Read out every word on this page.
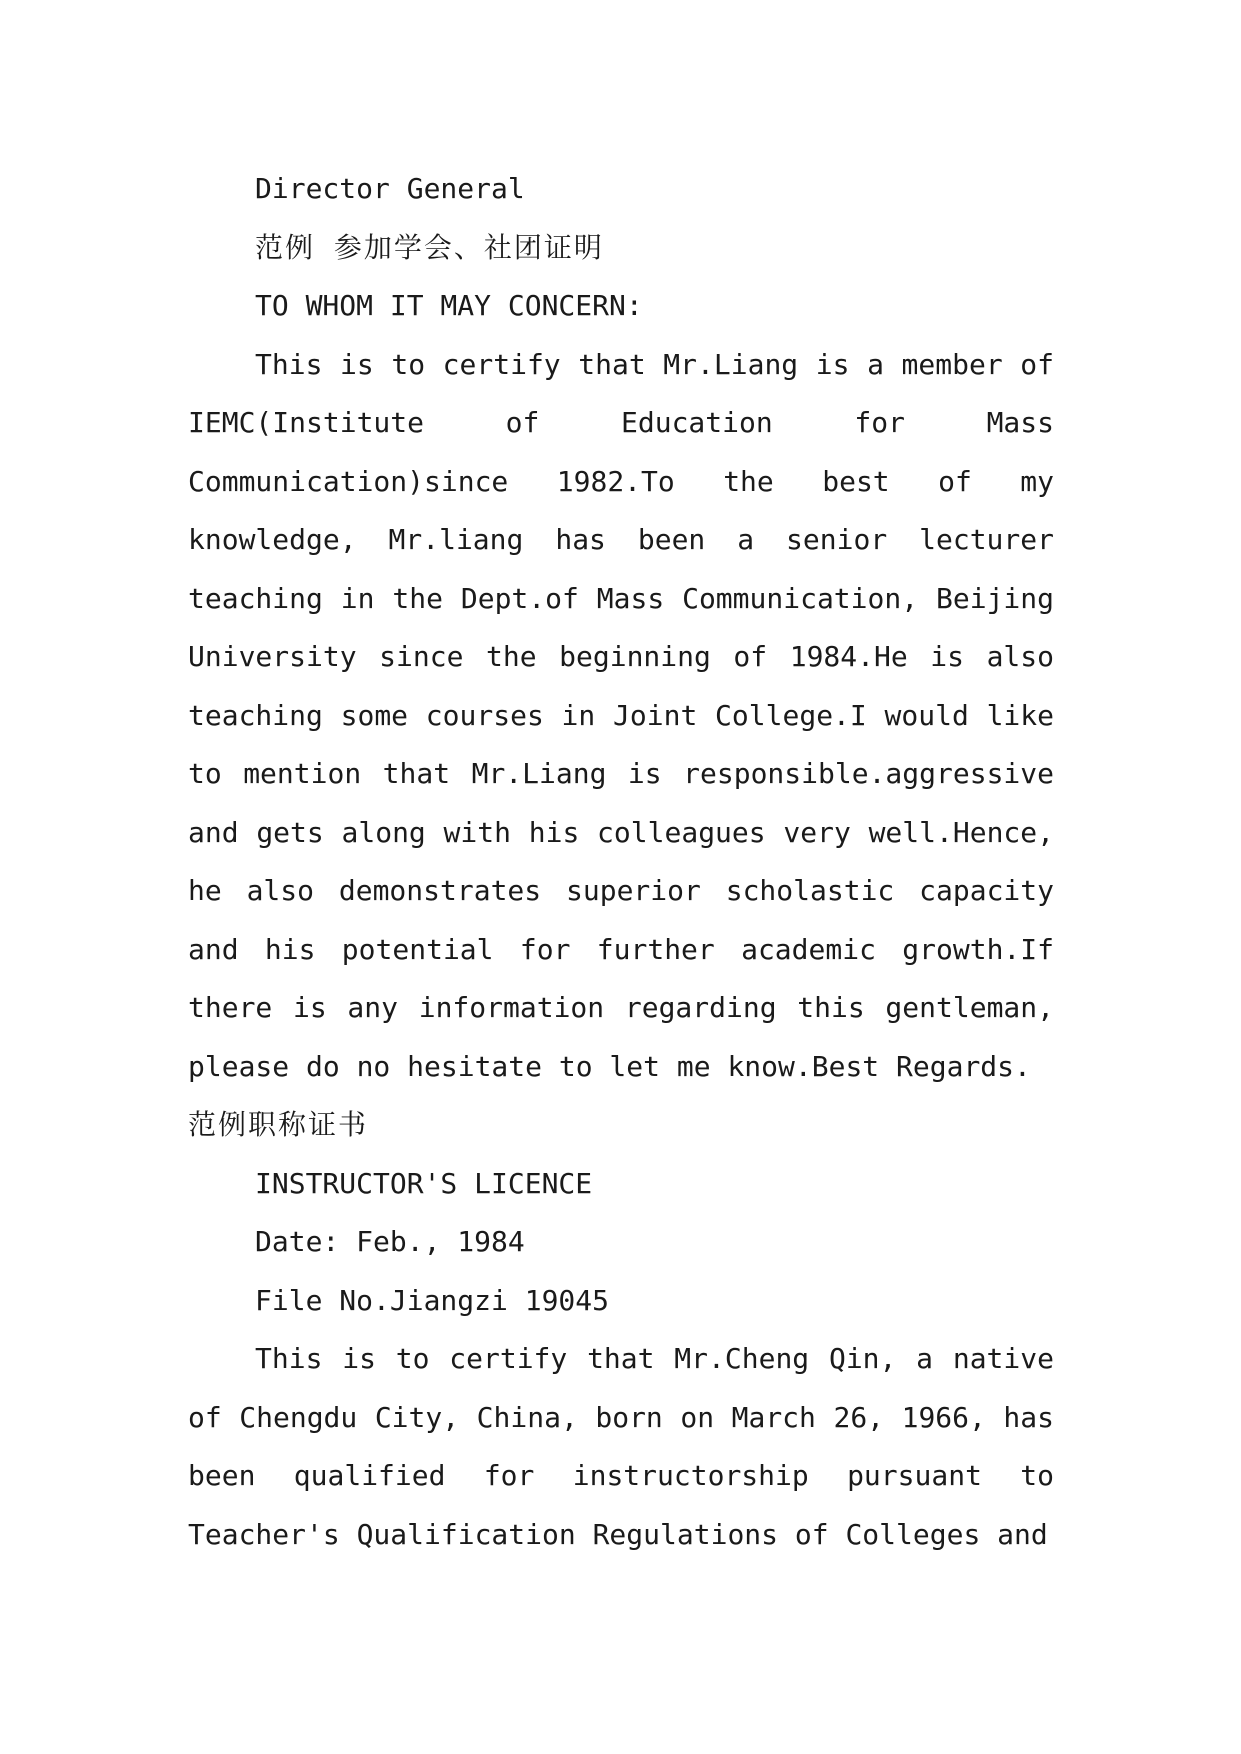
Director General

范例 参加学会、社团证明

TO WHOM IT MAY CONCERN:

This is to certify that Mr.Liang is a member of IEMC(Institute of Education for Mass Communication)since 1982.To the best of my knowledge, Mr.liang has been a senior lecturer teaching in the Dept.of Mass Communication, Beijing University since the beginning of 1984.He is also teaching some courses in Joint College.I would like to mention that Mr.Liang is responsible.aggressive and gets along with his colleagues very well.Hence, he also demonstrates superior scholastic capacity and his potential for further academic growth.If there is any information regarding this gentleman, please do no hesitate to let me know.Best Regards.

范例职称证书

INSTRUCTOR'S LICENCE

Date: Feb., 1984

File No.Jiangzi 19045

This is to certify that Mr.Cheng Qin, a native of Chengdu City, China, born on March 26, 1966, has been qualified for instructorship pursuant to Teacher's Qualification Regulations of Colleges and
